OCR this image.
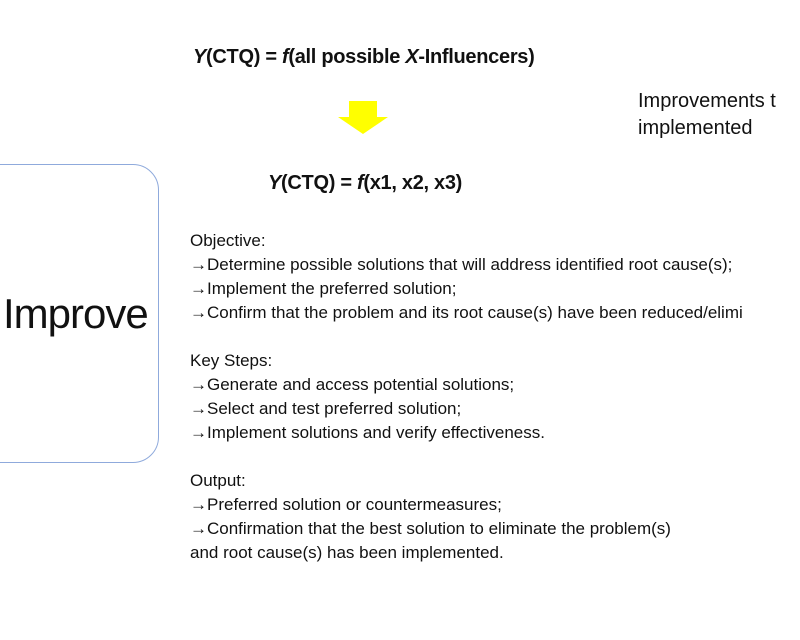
Improve
Y(CTQ) = f(all possible X-Influencers)
Y(CTQ) = f(x1, x2, x3)
Improvements t
implemented
Objective:
→Determine possible solutions that will address identified root cause(s);
→Implement the preferred solution;
→Confirm that the problem and its root cause(s) have been reduced/elimi
Key Steps:
→Generate and access potential solutions;
→Select and test preferred solution;
→Implement solutions and verify effectiveness.
Output:
→Preferred solution or countermeasures;
→Confirmation that the best solution to eliminate the problem(s)
and root cause(s) has been implemented.
